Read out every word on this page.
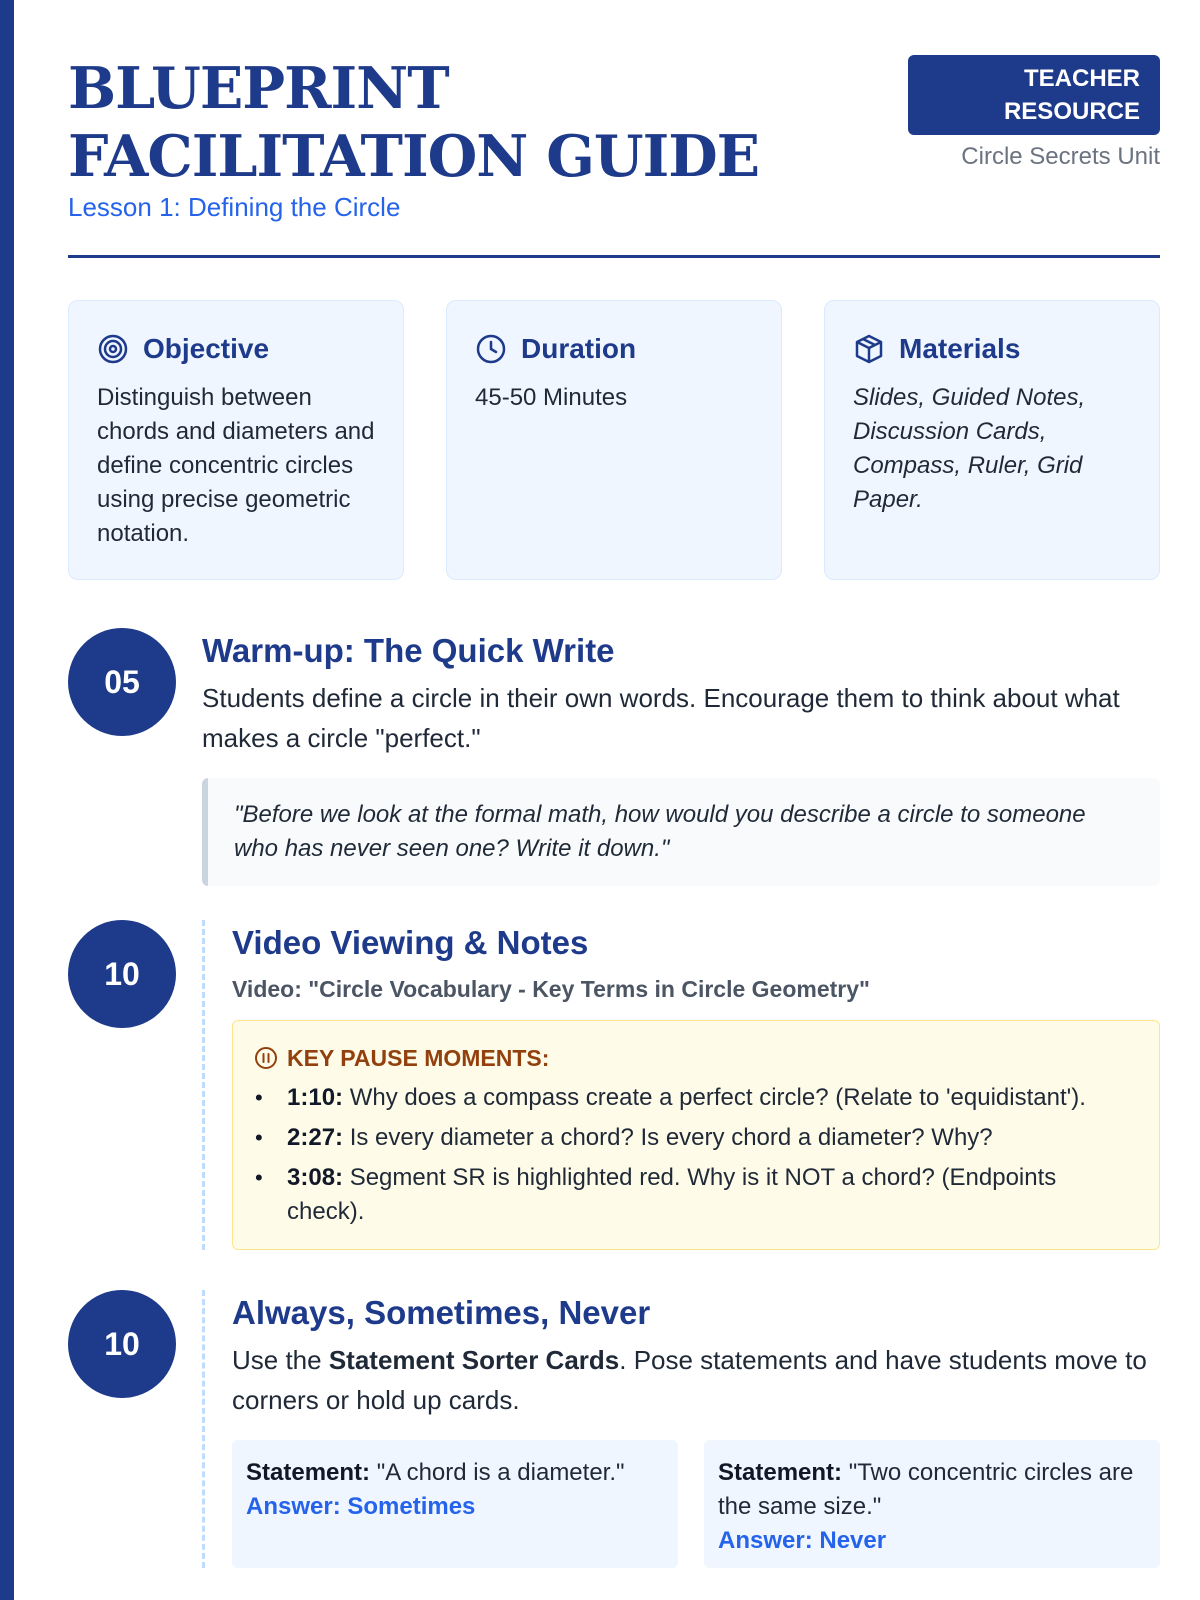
BLUEPRINT FACILITATION GUIDE
Lesson 1: Defining the Circle
TEACHER
RESOURCE
Circle Secrets Unit
Objective
Distinguish between chords and diameters and define concentric circles using precise geometric notation.
Duration
45-50 Minutes
Materials
Slides, Guided Notes, Discussion Cards, Compass, Ruler, Grid Paper.
05
Warm-up: The Quick Write
Students define a circle in their own words. Encourage them to think about what makes a circle "perfect."
"Before we look at the formal math, how would you describe a circle to someone who has never seen one? Write it down."
10
Video Viewing & Notes
Video: "Circle Vocabulary - Key Terms in Circle Geometry"
KEY PAUSE MOMENTS:
• 1:10: Why does a compass create a perfect circle? (Relate to 'equidistant').
• 2:27: Is every diameter a chord? Is every chord a diameter? Why?
• 3:08: Segment SR is highlighted red. Why is it NOT a chord? (Endpoints check).
10
Always, Sometimes, Never
Use the Statement Sorter Cards. Pose statements and have students move to corners or hold up cards.
Statement: "A chord is a diameter."
Answer: Sometimes
Statement: "Two concentric circles are the same size."
Answer: Never
